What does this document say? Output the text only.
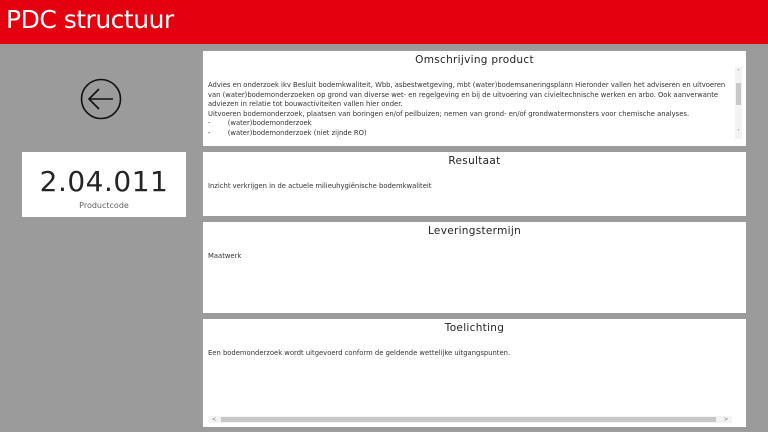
PDC structuur
2.04.011
Productcode
Omschrijving product
Advies en onderzoek ikv Besluit bodemkwaliteit, Wbb, asbestwetgeving, mbt (water)bodemsaneringsplann Hieronder vallen het adviseren en uitvoeren van (water)bodemonderzoeken op grond van diverse wet- en regelgeving en bij de uitvoering van civieltechnische werken en arbo. Ook aanverwante adviezen in relatie tot bouwactiviteiten vallen hier onder.
Uitvoeren bodemonderzoek, plaatsen van boringen en/of peilbuizen; nemen van grond- en/of grondwatermonsters voor chemische analyses.
-        (water)bodemonderzoek
-        (water)bodemonderzoek (niet zijnde RO)
˄
˅
Resultaat
Inzicht verkrijgen in de actuele milieuhygiënische bodemkwaliteit
Leveringstermijn
Maatwerk
Toelichting
Een bodemonderzoek wordt uitgevoerd conform de geldende wettelijke uitgangspunten.
<	>
